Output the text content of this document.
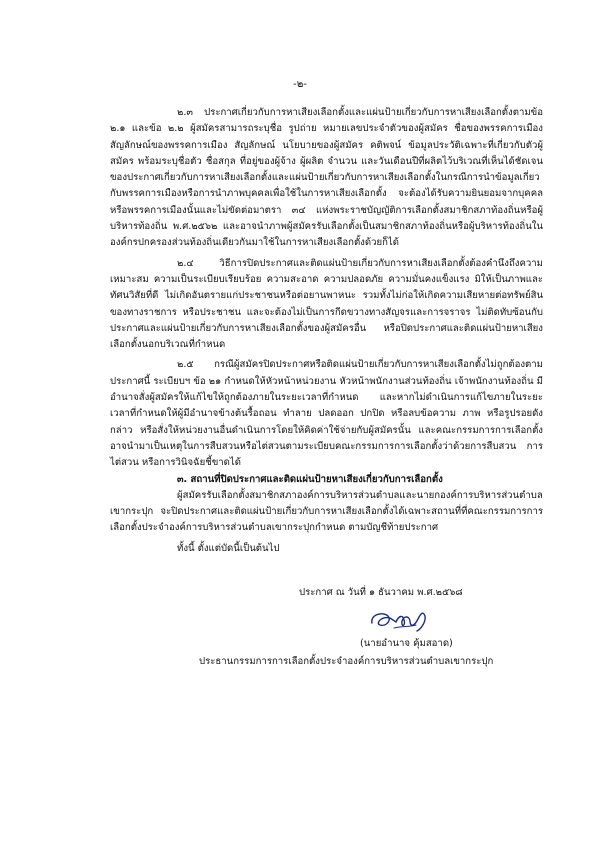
-๒-

๒.๓ ประกาศเกี่ยวกับการหาเสียงเลือกตั้งและแผ่นป้ายเกี่ยวกับการหาเสียงเลือกตั้งตามข้อ ๒.๑ และข้อ ๒.๒ ผู้สมัครสามารถระบุชื่อ รูปถ่าย หมายเลขประจำตัวของผู้สมัคร ชื่อของพรรคการเมืองสัญลักษณ์ของพรรคการเมือง สัญลักษณ์ นโยบายของผู้สมัคร คติพจน์ ข้อมูลประวัติเฉพาะที่เกี่ยวกับตัวผู้สมัคร พร้อมระบุชื่อตัว ชื่อสกุล ที่อยู่ของผู้จ้าง ผู้ผลิต จำนวน และวันเดือนปีที่ผลิตไว้บริเวณที่เห็นได้ชัดเจนของประกาศเกี่ยวกับการหาเสียงเลือกตั้งและแผ่นป้ายเกี่ยวกับการหาเสียงเลือกตั้งในกรณีการนำข้อมูลเกี่ยวกับพรรคการเมืองหรือการนำภาพบุคคลเพื่อใช้ในการหาเสียงเลือกตั้ง จะต้องได้รับความยินยอมจากบุคคลหรือพรรคการเมืองนั้นและไม่ขัดต่อมาตรา ๓๔ แห่งพระราชบัญญัติการเลือกตั้งสมาชิกสภาท้องถิ่นหรือผู้บริหารท้องถิ่น พ.ศ.๒๕๖๒ และอาจนำภาพผู้สมัครรับเลือกตั้งเป็นสมาชิกสภาท้องถิ่นหรือผู้บริหารท้องถิ่นในองค์กรปกครองส่วนท้องถิ่นเดียวกันมาใช้ในการหาเสียงเลือกตั้งด้วยก็ได้

๒.๔ วิธีการปิดประกาศและติดแผ่นป้ายเกี่ยวกับการหาเสียงเลือกตั้งต้องคำนึงถึงความเหมาะสม ความเป็นระเบียบเรียบร้อย ความสะอาด ความปลอดภัย ความมั่นคงแข็งแรง มิให้เป็นภาพและทัศนวิสัยที่ดี ไม่เกิดอันตรายแก่ประชาชนหรือต่อยานพาหนะ รวมทั้งไม่ก่อให้เกิดความเสียหายต่อทรัพย์สินของทางราชการ หรือประชาชน และจะต้องไม่เป็นการกีดขวางทางสัญจรและการจราจร ไม่ติดทับซ้อนกับประกาศและแผ่นป้ายเกี่ยวกับการหาเสียงเลือกตั้งของผู้สมัครอื่น หรือปิดประกาศและติดแผ่นป้ายหาเสียงเลือกตั้งนอกบริเวณที่กำหนด

๒.๕ กรณีผู้สมัครปิดประกาศหรือติดแผ่นป้ายเกี่ยวกับการหาเสียงเลือกตั้งไม่ถูกต้องตามประกาศนี้ ระเบียบฯ ข้อ ๒๑ กำหนดให้หัวหน้าหน่วยงาน หัวหน้าพนักงานส่วนท้องถิ่น เจ้าพนักงานท้องถิ่น มีอำนาจสั่งผู้สมัครให้แก้ไขให้ถูกต้องภายในระยะเวลาที่กำหนด และหากไม่ดำเนินการแก้ไขภายในระยะเวลาที่กำหนดให้ผู้มีอำนาจข้างต้นรื้อถอน ทำลาย ปลดออก ปกปิด หรือลบข้อความ ภาพ หรือรูปรอยดังกล่าว หรือสั่งให้หน่วยงานอื่นดำเนินการโดยให้คิดค่าใช้จ่ายกับผู้สมัครนั้น และคณะกรรมการการเลือกตั้งอาจนำมาเป็นเหตุในการสืบสวนหรือไต่สวนตามระเบียบคณะกรรมการการเลือกตั้งว่าด้วยการสืบสวน การไต่สวน หรือการวินิจฉัยชี้ขาดได้

๓. สถานที่ปิดประกาศและติดแผ่นป้ายหาเสียงเกี่ยวกับการเลือกตั้ง

ผู้สมัครรับเลือกตั้งสมาชิกสภาองค์การบริหารส่วนตำบลและนายกองค์การบริหารส่วนตำบลเขากระปุก จะปิดประกาศและติดแผ่นป้ายเกี่ยวกับการหาเสียงเลือกตั้งได้เฉพาะสถานที่ที่คณะกรรมการการเลือกตั้งประจำองค์การบริหารส่วนตำบลเขากระปุกกำหนด ตามบัญชีท้ายประกาศ

ทั้งนี้ ตั้งแต่บัดนี้เป็นต้นไป

ประกาศ ณ วันที่ ๑ ธันวาคม พ.ศ.๒๕๖๘
(นายอำนาจ คุ้มสอาด)
ประธานกรรมการการเลือกตั้งประจำองค์การบริหารส่วนตำบลเขากระปุก
